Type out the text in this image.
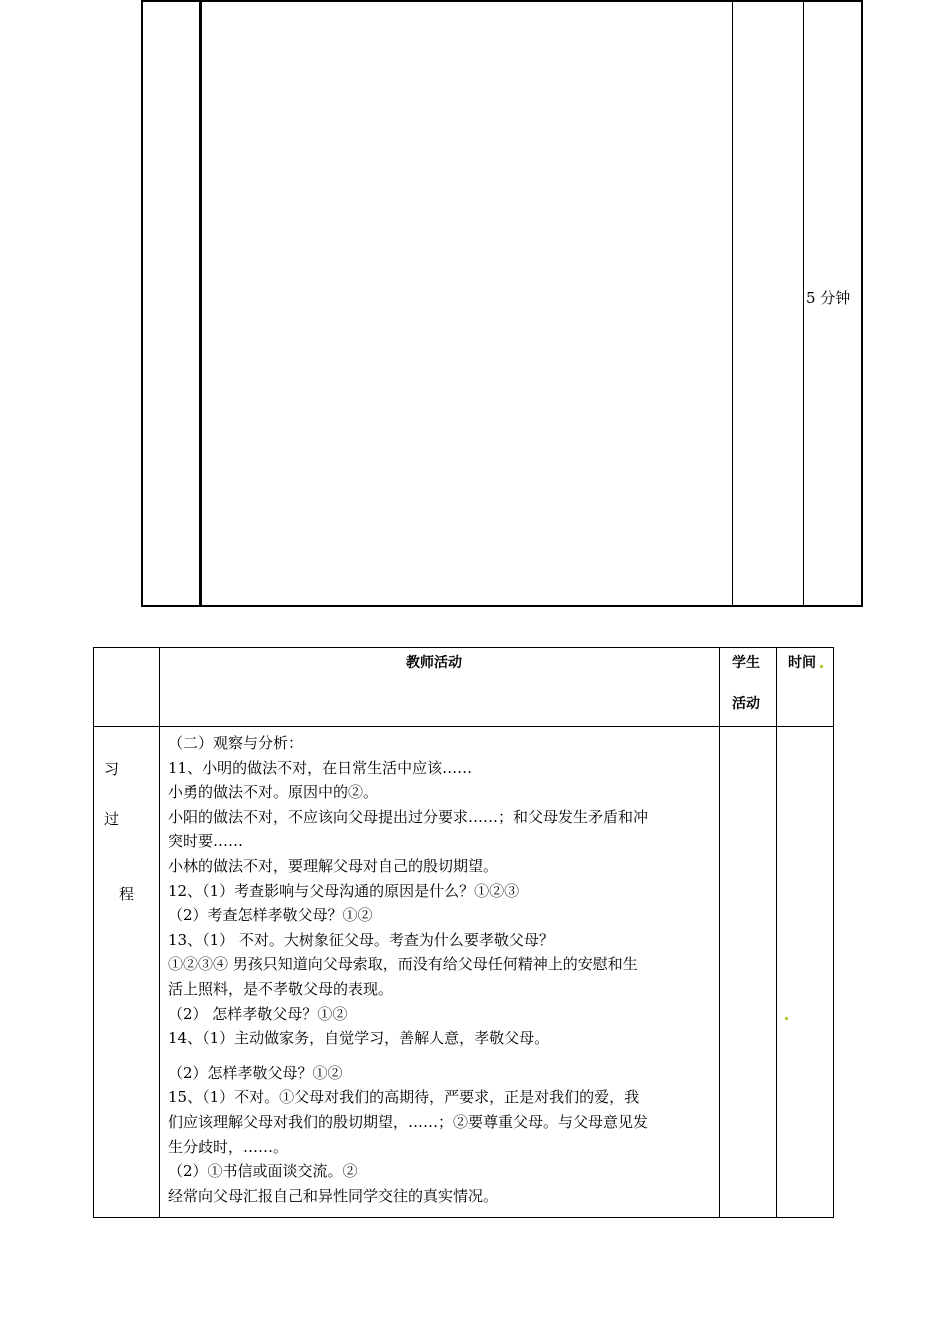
5 分钟
教师活动	学生
活动
时间
习
过
程

（二）观察与分析：

11、小明的做法不对，在日常生活中应该……

小勇的做法不对。原因中的②。

小阳的做法不对，不应该向父母提出过分要求……；和父母发生矛盾和冲

突时要……

小林的做法不对，要理解父母对自己的殷切期望。

12、（1）考查影响与父母沟通的原因是什么？①②③

（2）考查怎样孝敬父母？①②

13、（1） 不对。大树象征父母。考查为什么要孝敬父母？

①②③④ 男孩只知道向父母索取，而没有给父母任何精神上的安慰和生

活上照料，是不孝敬父母的表现。

（2） 怎样孝敬父母？①②

14、（1）主动做家务，自觉学习，善解人意，孝敬父母。

（2）怎样孝敬父母？①②

15、（1）不对。①父母对我们的高期待，严要求，正是对我们的爱，我

们应该理解父母对我们的殷切期望，……；②要尊重父母。与父母意见发

生分歧时，……。

（2）①书信或面谈交流。②

经常向父母汇报自己和异性同学交往的真实情况。
